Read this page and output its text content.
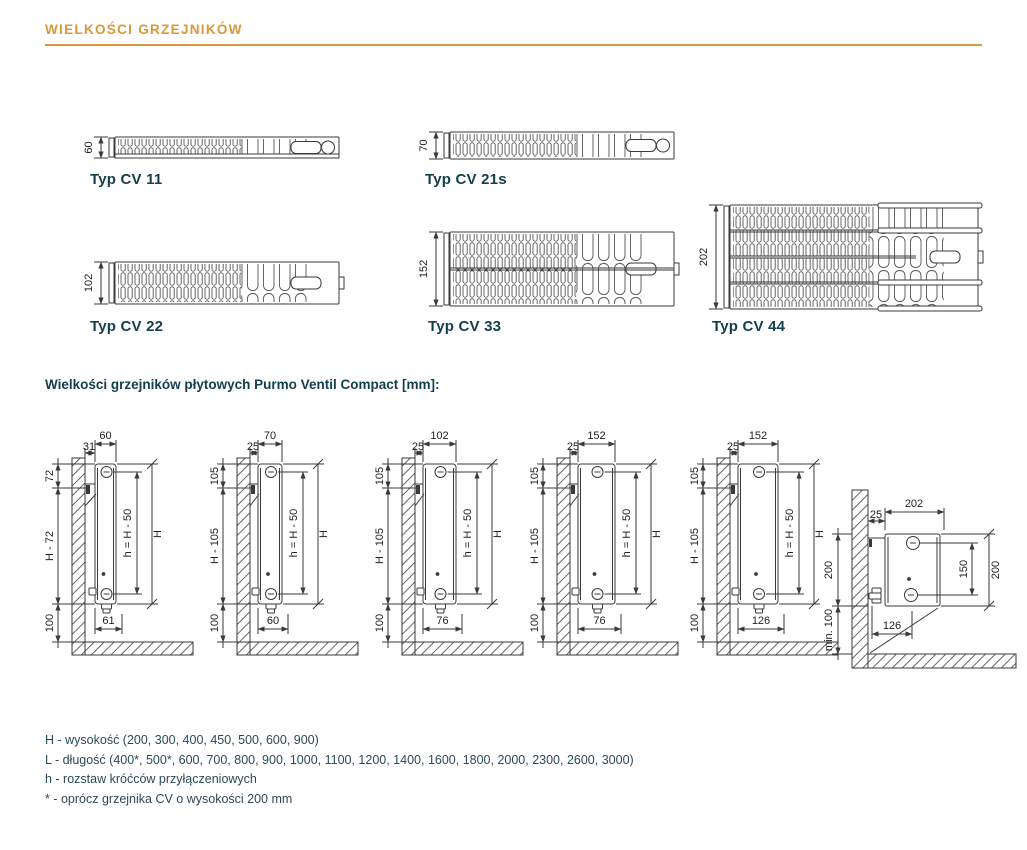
WIELKOŚCI GRZEJNIKÓW
60	70
102
152
202
Typ CV 11	Typ CV 21s
Typ CV 22	Typ CV 33	Typ CV 44
Wielkości grzejników płytowych Purmo Ventil Compact [mm]:
72
H - 72
100
60
31
h = H - 50 H
61
105
H - 105
100
70
25
h = H - 50 H
60
105
H - 105
100
102
25
h = H - 50 H
76
105
H - 105
100
152
25
h = H - 50 H
76
105
H - 105
100
152
25
h = H - 50 H
126
202
25
150 200
126
200
min. 100
H - wysokość (200, 300, 400, 450, 500, 600, 900)
L - długość (400*, 500*, 600, 700, 800, 900, 1000, 1100, 1200, 1400, 1600, 1800, 2000, 2300, 2600, 3000)
h - rozstaw króćców przyłączeniowych
* - oprócz grzejnika CV o wysokości 200 mm
